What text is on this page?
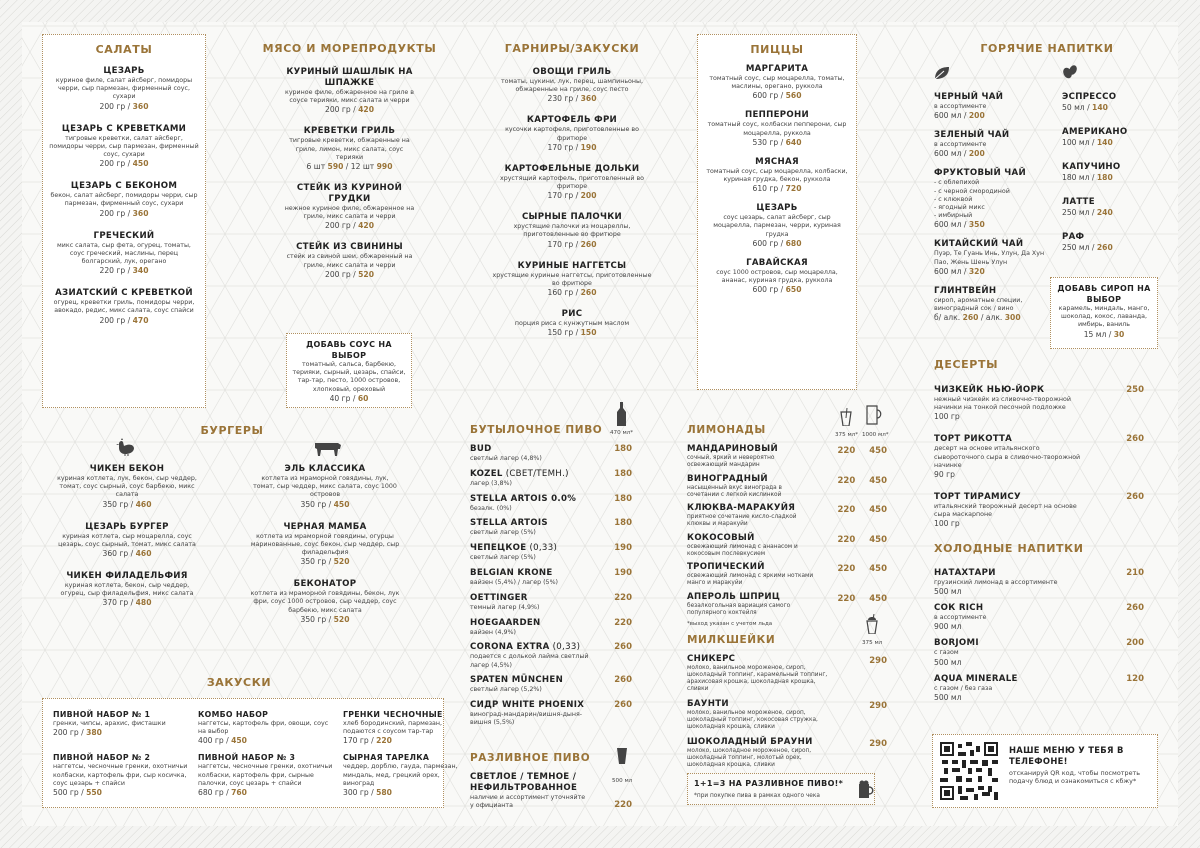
САЛАТЫ
ЦЕЗАРЬ
куриное филе, салат айсберг, помидоры черри, сыр пармезан, фирменный соус, сухари
200 гр / 360
ЦЕЗАРЬ С КРЕВЕТКАМИ
тигровые креветки, салат айсберг, помидоры черри, сыр пармезан, фирменный соус, сухари
200 гр / 450
ЦЕЗАРЬ С БЕКОНОМ
бекон, салат айсберг, помидоры черри, сыр пармезан, фирменный соус, сухари
200 гр / 360
ГРЕЧЕСКИЙ
микс салата, сыр фета, огурец, томаты, соус греческий, маслины, перец болгарский, лук, орегано
220 гр / 340
АЗИАТСКИЙ С КРЕВЕТКОЙ
огурец, креветки гриль, помидоры черри, авокадо, редис, микс салата, соус спайси
200 гр / 470
МЯСО И МОРЕПРОДУКТЫ
КУРИНЫЙ ШАШЛЫК НА ШПАЖКЕ
куриное филе, обжаренное на гриле в соусе терияки, микс салата и черри
200 гр / 420
КРЕВЕТКИ ГРИЛЬ
тигровые креветки, обжаренные на гриле, лимон, микс салата, соус терияки
6 шт 590 / 12 шт 990
СТЕЙК ИЗ КУРИНОЙ ГРУДКИ
нежное куриное филе, обжаренное на гриле, микс салата и черри
200 гр / 420
СТЕЙК ИЗ СВИНИНЫ
стейк из свиной шеи, обжаренный на гриле, микс салата и черри
200 гр / 520
ДОБАВЬ СОУС НА ВЫБОР
томатный, сальса, барбекю, терияки, сырный, цезарь, спайси, тар-тар, песто, 1000 островов, хлопковый, ореховый
40 гр / 60
ГАРНИРЫ/ЗАКУСКИ
ОВОЩИ ГРИЛЬ
томаты, цукини, лук, перец, шампиньоны, обжаренные на гриле, соус песто
230 гр / 360
КАРТОФЕЛЬ ФРИ
кусочки картофеля, приготовленные во фритюре
170 гр / 190
КАРТОФЕЛЬНЫЕ ДОЛЬКИ
хрустящий картофель, приготовленный во фритюре
170 гр / 200
СЫРНЫЕ ПАЛОЧКИ
хрустящие палочки из моцареллы, приготовленные во фритюре
170 гр / 260
КУРИНЫЕ НАГГЕТСЫ
хрустящие куриные наггетсы, приготовленные во фритюре
160 гр / 260
РИС
порция риса с кунжутным маслом
150 гр / 150
ПИЦЦЫ
МАРГАРИТА
томатный соус, сыр моцарелла, томаты, маслины, орегано, руккола
600 гр / 560
ПЕППЕРОНИ
томатный соус, колбаски пепперони, сыр моцарелла, руккола
530 гр / 640
МЯСНАЯ
томатный соус, сыр моцарелла, колбаски, куриная грудка, бекон, руккола
610 гр / 720
ЦЕЗАРЬ
соус цезарь, салат айсберг, сыр моцарелла, пармезан, черри, куриная грудка
600 гр / 680
ГАВАЙСКАЯ
соус 1000 островов, сыр моцарелла, ананас, куриная грудка, руккола
600 гр / 650
ГОРЯЧИЕ НАПИТКИ
ЧЕРНЫЙ ЧАЙ
в ассортименте
600 мл / 200
ЗЕЛЕНЫЙ ЧАЙ
в ассортименте
600 мл / 200
ФРУКТОВЫЙ ЧАЙ
- с облепихой
- с черной смородиной
- с клюквой
- ягодный микс
- имбирный
600 мл / 350
КИТАЙСКИЙ ЧАЙ
Пуэр, Те Гуань Инь, Улун, Да Хун Пао, Жень Шень Улун
600 мл / 320
ГЛИНТВЕЙН
сироп, ароматные специи, виноградный сок / вино
б/ алк. 260 / алк. 300
ЭСПРЕССО
50 мл / 140
АМЕРИКАНО
100 мл / 140
КАПУЧИНО
180 мл / 180
ЛАТТЕ
250 мл / 240
РАФ
250 мл / 260
ДОБАВЬ СИРОП НА ВЫБОР
карамель, миндаль, манго, шоколад, кокос, лаванда, имбирь, ваниль
15 мл / 30
БУРГЕРЫ
ЧИКЕН БЕКОН
куриная котлета, лук, бекон, сыр чеддер, томат, соус сырный, соус барбекю, микс салата
350 гр / 460
ЦЕЗАРЬ БУРГЕР
куриная котлета, сыр моцарелла, соус цезарь, соус сырный, томат, микс салата
360 гр / 460
ЧИКЕН ФИЛАДЕЛЬФИЯ
куриная котлета, бекон, сыр чеддер, огурец, сыр филадельфия, микс салата
370 гр / 480
ЭЛЬ КЛАССИКА
котлета из мраморной говядины, лук, томат, сыр чеддер, микс салата, соус 1000 островов
350 гр / 450
ЧЕРНАЯ МАМБА
котлета из мраморной говядины, огурцы маринованные, соус бекон, сыр чеддер, сыр филадельфия
350 гр / 520
БЕКОНАТОР
котлета из мраморной говядины, бекон, лук фри, соус 1000 островов, сыр чеддер, соус барбекю, микс салата
350 гр / 520
ЗАКУСКИ
ПИВНОЙ НАБОР № 1
гренки, чипсы, арахис, фисташки
200 гр / 380
КОМБО НАБОР
наггетсы, картофель фри, овощи, соус на выбор
400 гр / 450
ГРЕНКИ ЧЕСНОЧНЫЕ
хлеб бородинский, пармезан, подаются с соусом тар-тар
170 гр / 220
ПИВНОЙ НАБОР № 2
наггетсы, чесночные гренки, охотничьи колбаски, картофель фри, сыр косичка, соус цезарь + спайси
500 гр / 550
ПИВНОЙ НАБОР № 3
наггетсы, чесночные гренки, охотничьи колбаски, картофель фри, сырные палочки, соус цезарь + спайси
680 гр / 760
СЫРНАЯ ТАРЕЛКА
чеддер, дорблю, гауда, пармезан, миндаль, мед, грецкий орех, виноград
300 гр / 580
БУТЫЛОЧНОЕ ПИВО	470 мл*
BUD
светлый лагер (4,8%)
180
KOZEL (СВЕТ/ТЕМН.)
лагер (3,8%)
180
STELLA ARTOIS 0.0%
безалк. (0%)
180
STELLA ARTOIS
светлый лагер (5%)
180
ЧЕПЕЦКОЕ (0,33)
светлый лагер (5%)
190
BELGIAN KRONE
вайзен (5,4%) / лагер (5%)
190
OETTINGER
темный лагер (4,9%)
220
HOEGAARDEN
вайзен (4,9%)
220
CORONA EXTRA (0,33)
подается с долькой лайма светлый лагер (4,5%)
260
SPATEN MÜNCHEN
светлый лагер (5,2%)
260
СИДР WHITE PHOENIX
виноград-мандарин/вишня-дыня-вишня (5,5%)
260
РАЗЛИВНОЕ ПИВО
СВЕТЛОЕ / ТЕМНОЕ / НЕФИЛЬТРОВАННОЕ
наличие и ассортимент уточняйте у официанта	220
500 мл
ЛИМОНАДЫ	375 мл* 1000 мл*
МАНДАРИНОВЫЙ
сочный, яркий и невероятно освежающий мандарин
220 450
ВИНОГРАДНЫЙ
насыщенный вкус винограда в сочетании с легкой кислинкой
220 450
КЛЮКВА-МАРАКУЙЯ
приятное сочетание кисло-сладкой клюквы и маракуйи
220 450
КОКОСОВЫЙ
освежающий лимонад с ананасом и кокосовым послевкусием
220 450
ТРОПИЧЕСКИЙ
освежающий лимонад с яркими нотками манго и маракуйи
220 450
АПЕРОЛЬ ШПРИЦ
безалкогольная вариация самого популярного коктейля
220 450
*выход указан с учетом льда
МИЛКШЕЙКИ	375 мл
СНИКЕРС
молоко, ванильное мороженое, сироп, шоколадный топпинг, карамельный топпинг, арахисовая крошка, шоколадная крошка, сливки
290
БАУНТИ
молоко, ванильное мороженое, сироп, шоколадный топпинг, кокосовая стружка, шоколадная крошка, сливки
290
ШОКОЛАДНЫЙ БРАУНИ
молоко, шоколадное мороженое, сироп, шоколадный топпинг, молотый орех, шоколадная крошка, сливки
290
1+1=3 НА РАЗЛИВНОЕ ПИВО!*
*при покупке пива в рамках одного чека
ДЕСЕРТЫ
ЧИЗКЕЙК НЬЮ-ЙОРК
нежный чизкейк из сливочно-творожной начинки на тонкой песочной подложке
100 гр
250
ТОРТ РИКОТТА
десерт на основе итальянского сывороточного сыра в сливочно-творожной начинке
90 гр
260
ТОРТ ТИРАМИСУ
итальянский творожный десерт на основе сыра маскарпоне
100 гр
260
ХОЛОДНЫЕ НАПИТКИ
НАТАХТАРИ
грузинский лимонад в ассортименте
500 мл
210
СОК RICH
в ассортименте
900 мл
260
BORJOMI
с газом
500 мл
200
AQUA MINERALE
с газом / без газа
500 мл
120
НАШЕ МЕНЮ У ТЕБЯ В ТЕЛЕФОНЕ!
отсканируй QR код, чтобы посмотреть подачу блюд и ознакомиться с кбжу*
